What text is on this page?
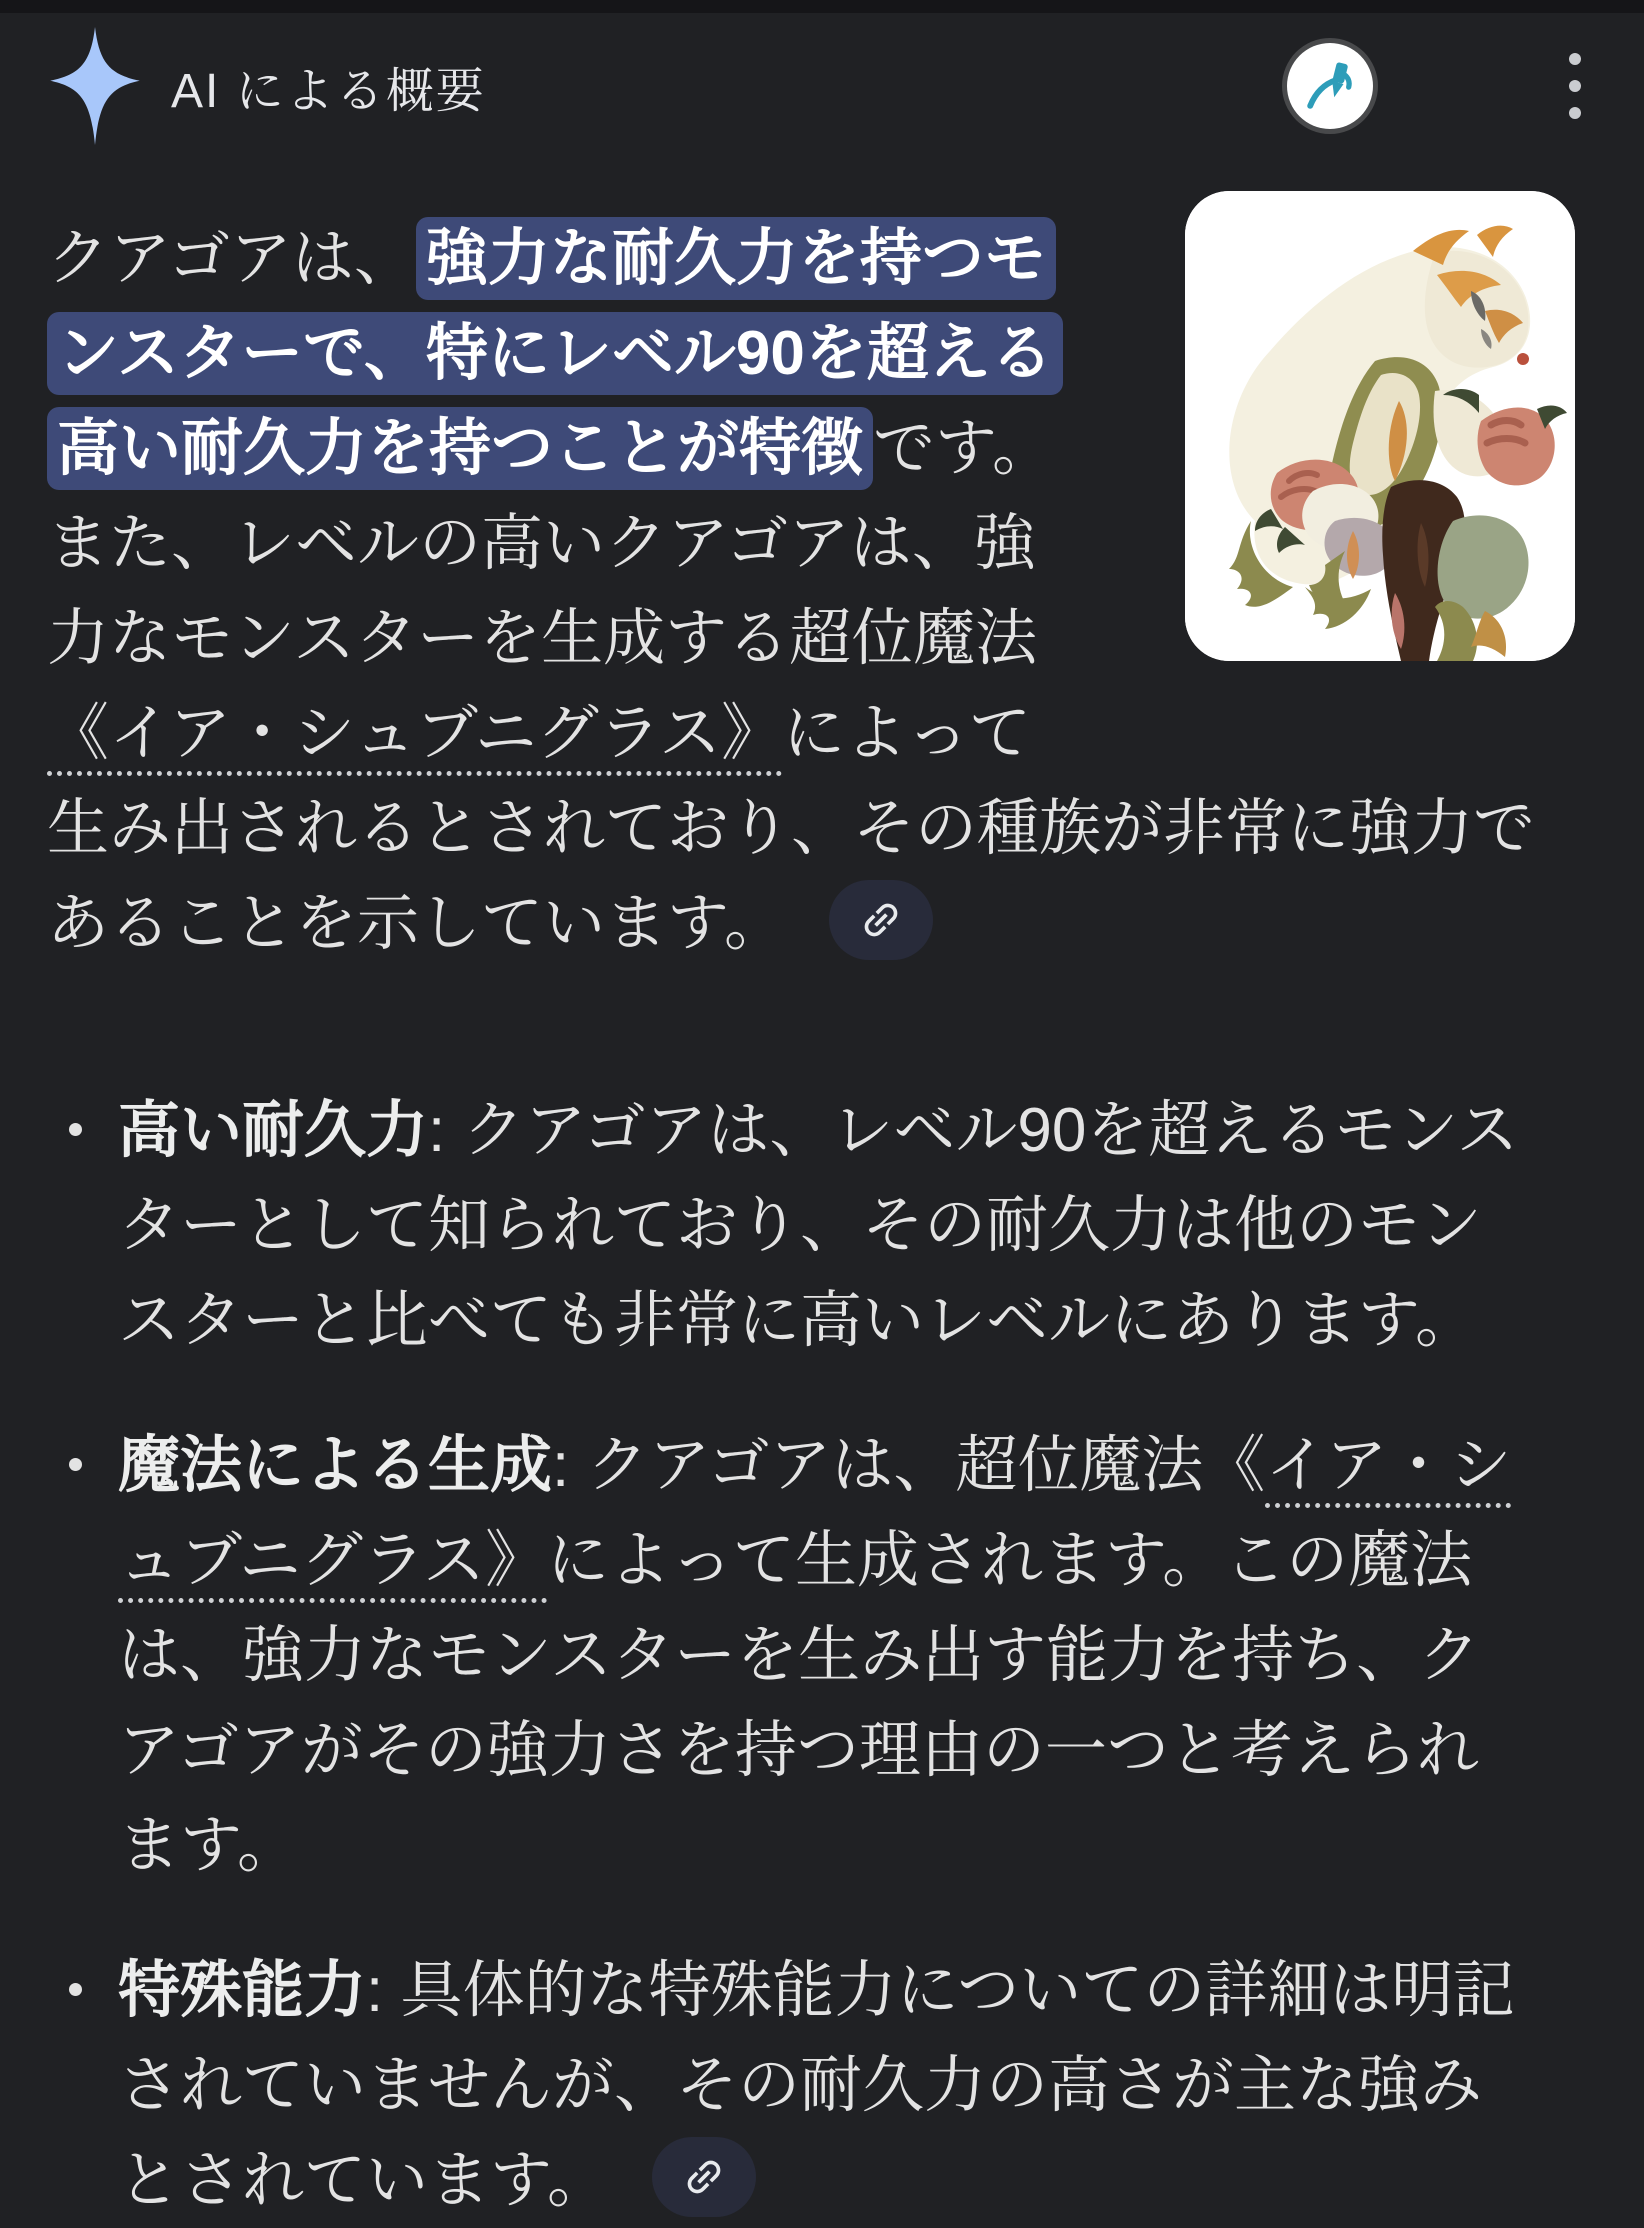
AI による概要
クアゴアは、 強力な耐久力を持つモ
ンスターで、特にレベル90を超える
高い耐久力を持つことが特徴 です。
また、レベルの高いクアゴアは、強
力なモンスターを生成する超位魔法
《イア・シュブニグラス》によって
生み出されるとされており、その種族が非常に強力で
あることを示しています。
高い耐久力: クアゴアは、レベル90を超えるモンス
ターとして知られており、その耐久力は他のモン
スターと比べても非常に高いレベルにあります。
魔法による生成: クアゴアは、超位魔法《イア・シ
ュブニグラス》によって生成されます。この魔法
は、強力なモンスターを生み出す能力を持ち、ク
アゴアがその強力さを持つ理由の一つと考えられ
ます。
特殊能力: 具体的な特殊能力についての詳細は明記
されていませんが、その耐久力の高さが主な強み
とされています。
